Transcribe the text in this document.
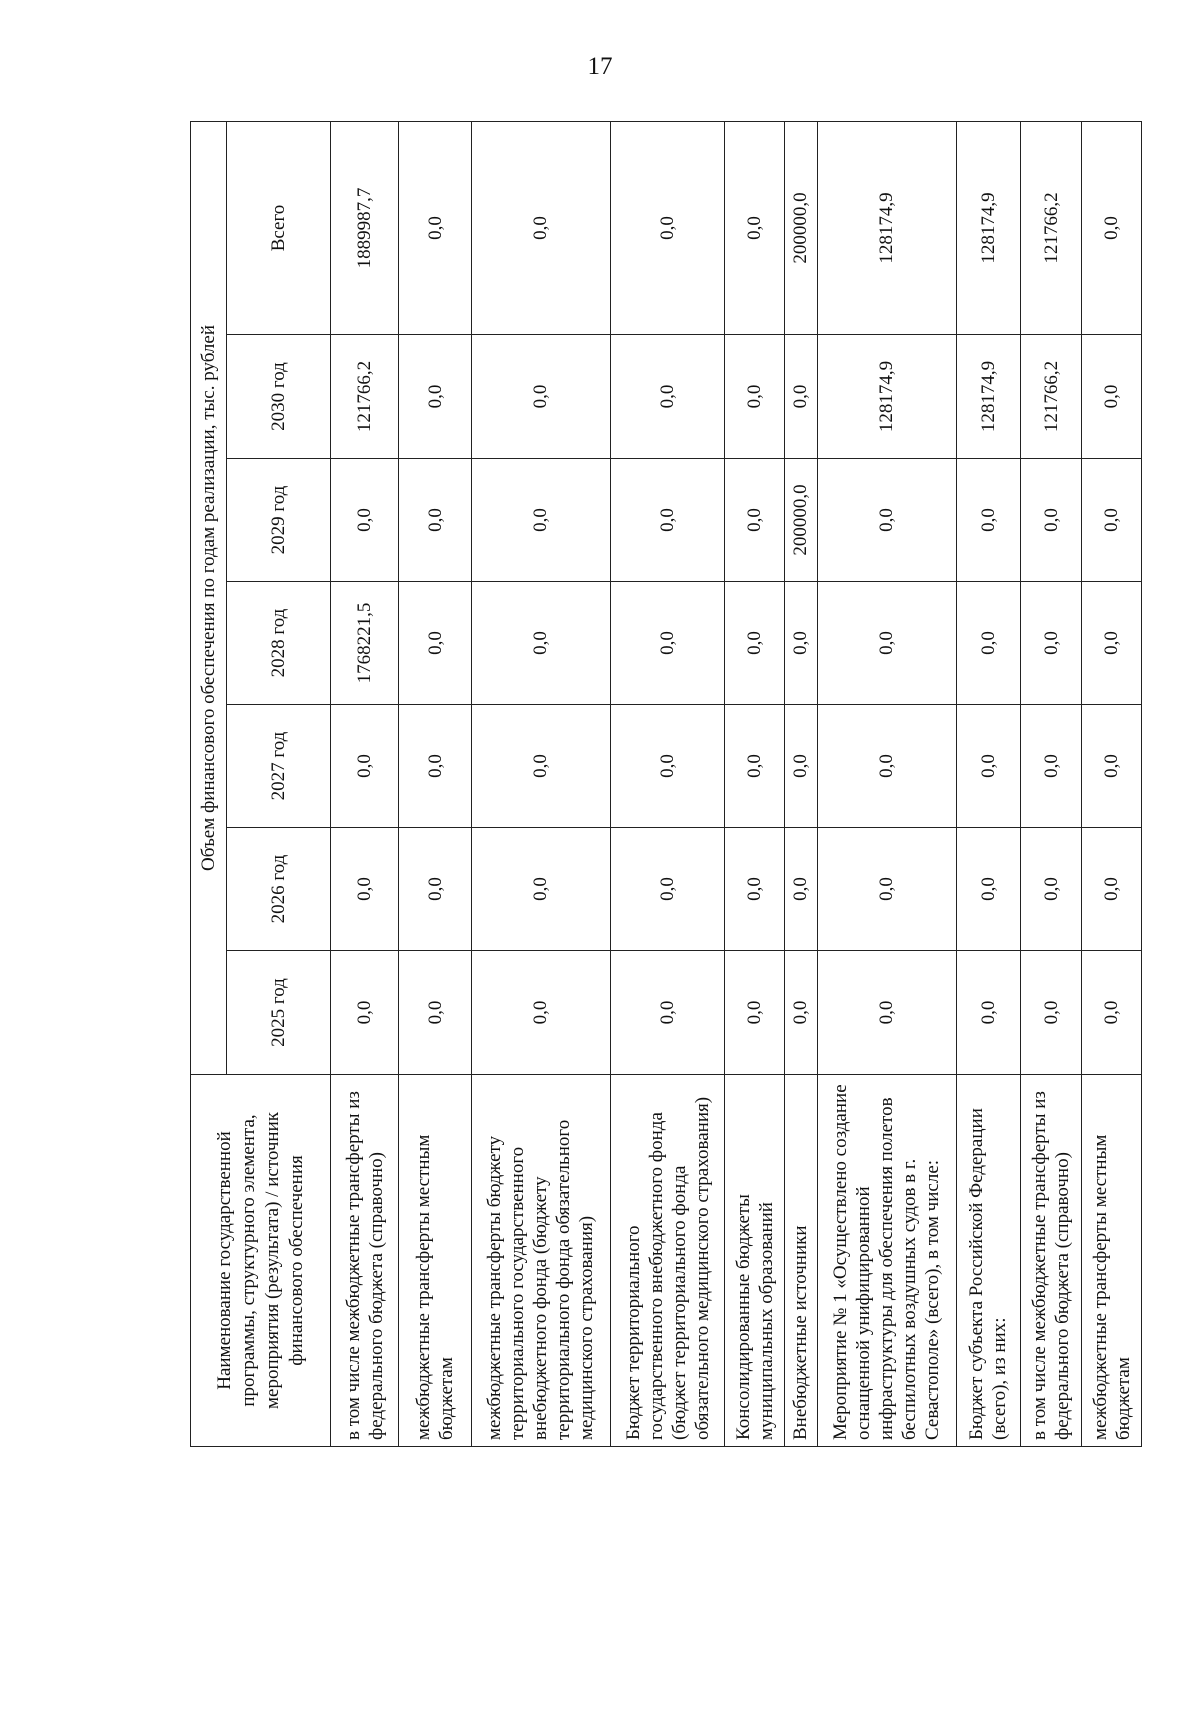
17
Наименование государственной программы, структурного элемента, мероприятия (результата) / источник финансового обеспечения	Объем финансового обеспечения по годам реализации, тыс. рублей						
	2025 год	2026 год	2027 год	2028 год	2029 год	2030 год	Всего
в том числе межбюджетные трансферты из федерального бюджета (справочно)	0,0	0,0	0,0	1768221,5	0,0	121766,2	1889987,7
межбюджетные трансферты местным бюджетам	0,0	0,0	0,0	0,0	0,0	0,0	0,0
межбюджетные трансферты бюджету территориального государственного внебюджетного фонда (бюджету территориального фонда обязательного медицинского страхования)	0,0	0,0	0,0	0,0	0,0	0,0	0,0
Бюджет территориального государственного внебюджетного фонда (бюджет территориального фонда обязательного медицинского страхования)	0,0	0,0	0,0	0,0	0,0	0,0	0,0
Консолидированные бюджеты муниципальных образований	0,0	0,0	0,0	0,0	0,0	0,0	0,0
Внебюджетные источники	0,0	0,0	0,0	0,0	200000,0	0,0	200000,0
Мероприятие № 1 «Осуществлено создание оснащенной унифицированной инфраструктуры для обеспечения полетов беспилотных воздушных судов в г. Севастополе» (всего), в том числе:	0,0	0,0	0,0	0,0	0,0	128174,9	128174,9
Бюджет субъекта Российской Федерации (всего), из них:	0,0	0,0	0,0	0,0	0,0	128174,9	128174,9
в том числе межбюджетные трансферты из федерального бюджета (справочно)	0,0	0,0	0,0	0,0	0,0	121766,2	121766,2
межбюджетные трансферты местным бюджетам	0,0	0,0	0,0	0,0	0,0	0,0	0,0
